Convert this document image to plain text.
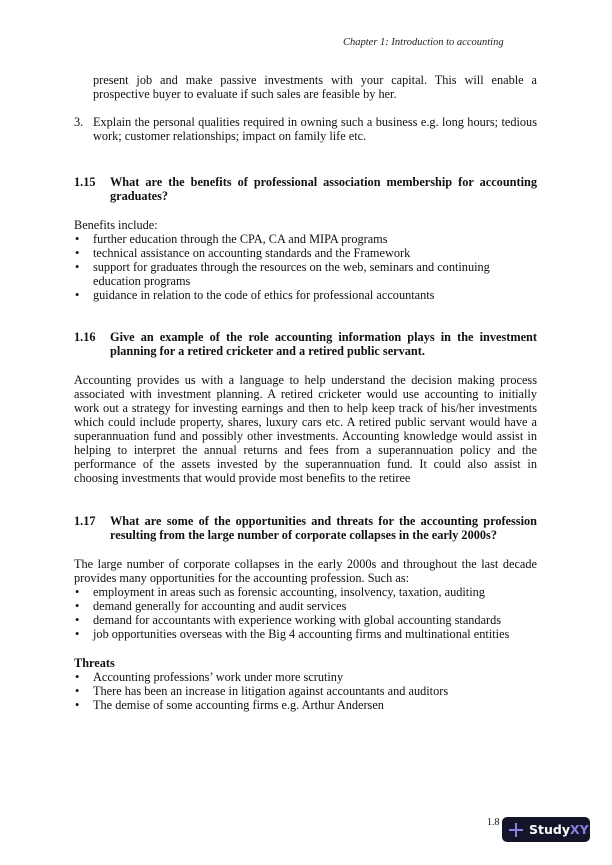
Chapter 1: Introduction to accounting
present job and make passive investments with your capital. This will enable a
prospective buyer to evaluate if such sales are feasible by her.
3. Explain the personal qualities required in owning such a business e.g. long hours; tedious work; customer relationships; impact on family life etc.
1.15 What are the benefits of professional association membership for accounting graduates?
Benefits include:
• further education through the CPA, CA and MIPA programs
• technical assistance on accounting standards and the Framework
• support for graduates through the resources on the web, seminars and continuing education programs
• guidance in relation to the code of ethics for professional accountants
1.16 Give an example of the role accounting information plays in the investment planning for a retired cricketer and a retired public servant.
Accounting provides us with a language to help understand the decision making process associated with investment planning. A retired cricketer would use accounting to initially work out a strategy for investing earnings and then to help keep track of his/her investments which could include property, shares, luxury cars etc. A retired public servant would have a superannuation fund and possibly other investments. Accounting knowledge would assist in helping to interpret the annual returns and fees from a superannuation policy and the performance of the assets invested by the superannuation fund. It could also assist in choosing investments that would provide most benefits to the retiree
1.17 What are some of the opportunities and threats for the accounting profession resulting from the large number of corporate collapses in the early 2000s?
The large number of corporate collapses in the early 2000s and throughout the last decade provides many opportunities for the accounting profession. Such as:
• employment in areas such as forensic accounting, insolvency, taxation, auditing
• demand generally for accounting and audit services
• demand for accountants with experience working with global accounting standards
• job opportunities overseas with the Big 4 accounting firms and multinational entities
Threats
• Accounting professions’ work under more scrutiny
• There has been an increase in litigation against accountants and auditors
• The demise of some accounting firms e.g. Arthur Andersen
1.8 Study XY
